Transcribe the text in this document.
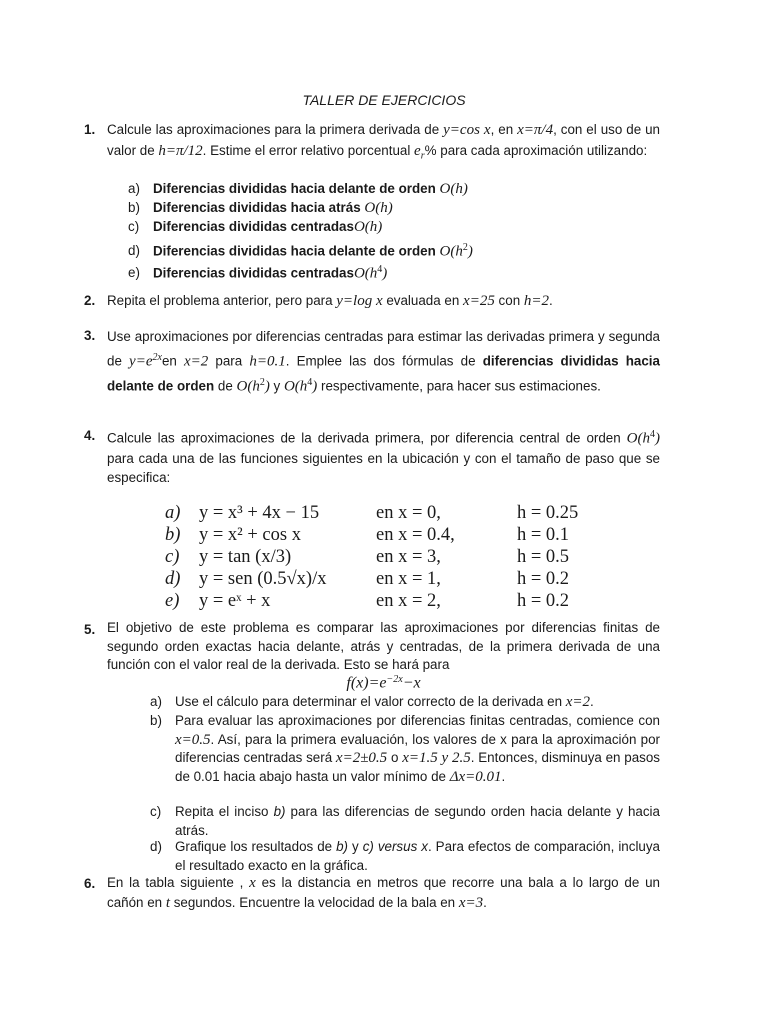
TALLER DE EJERCICIOS
1. Calcule las aproximaciones para la primera derivada de y=cos x, en x=π/4, con el uso de un valor de h=π/12. Estime el error relativo porcentual $e_r\%$ para cada aproximación utilizando:
a) Diferencias divididas hacia delante de orden O(h)
b) Diferencias divididas hacia atrás O(h)
c) Diferencias divididas centradasO(h)
d) Diferencias divididas hacia delante de orden $O(h^2)$
e) Diferencias divididas $centradasO(h^4)$
2. Repita el problema anterior, pero para y=log x evaluada en x=25 con h=2.
3. Use aproximaciones por diferencias centradas para estimar las derivadas primera y segunda de $y=e^{2x}en$ x=2 para h=0.1. Emplee las dos fórmulas de diferencias divididas hacia delante de orden de $O(h^2)$ y $O(h^4)$ respectivamente, para hacer sus estimaciones.
4. Calcule las aproximaciones de la derivada primera, por diferencia central de orden $O(h^4)$ para cada una de las funciones siguientes en la ubicación y con el tamaño de paso que se especifica:
a) y = x³ + 4x − 15	en x = 0,	h = 0.25
b) y = x² + cos x	en x = 0.4,	h = 0.1
c) y = tan (x/3)	en x = 3,	h = 0.5
d) y = sen (0.5√x)/x	en x = 1,	h = 0.2
e) y = eˣ + x	en x = 2,	h = 0.2
5. El objetivo de este problema es comparar las aproximaciones por diferencias finitas de segundo orden exactas hacia delante, atrás y centradas, de la primera derivada de una función con el valor real de la derivada. Esto se hará para
$f(x)=e^{-2x}-x$
a) Use el cálculo para determinar el valor correcto de la derivada en x=2.
b) Para evaluar las aproximaciones por diferencias finitas centradas, comience con x=0.5. Así, para la primera evaluación, los valores de x para la aproximación por diferencias centradas será x=2±0.5 o x=1.5 y 2.5. Entonces, disminuya en pasos de 0.01 hacia abajo hasta un valor mínimo de Δx=0.01.
c) Repita el inciso b) para las diferencias de segundo orden hacia delante y hacia atrás.
d) Grafique los resultados de b) y c) versus x. Para efectos de comparación, incluya el resultado exacto en la gráfica.
6. En la tabla siguiente , x es la distancia en metros que recorre una bala a lo largo de un cañón en t segundos. Encuentre la velocidad de la bala en x=3.
